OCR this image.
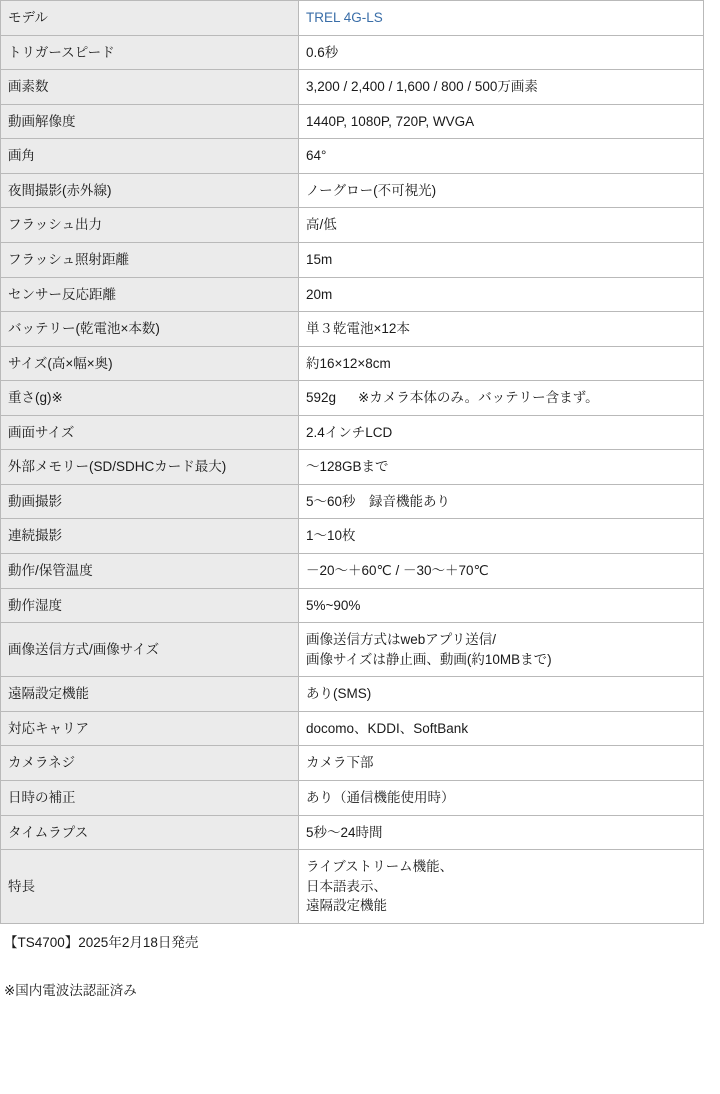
モデル	TREL 4G-LS
トリガースピード	0.6秒
画素数	3,200 / 2,400 / 1,600 / 800 / 500万画素
動画解像度	1440P, 1080P, 720P, WVGA
画角	64°
夜間撮影(赤外線)	ノーグロー(不可視光)
フラッシュ出力	高/低
フラッシュ照射距離	15m
センサー反応距離	20m
バッテリー(乾電池×本数)	単３乾電池×12本
サイズ(高×幅×奥)	約16×12×8cm
重さ(g)※	592g ※カメラ本体のみ。バッテリー含まず。
画面サイズ	2.4インチLCD
外部メモリー(SD/SDHCカード最大)	〜128GBまで
動画撮影	5〜60秒　録音機能あり
連続撮影	1〜10枚
動作/保管温度	－20〜＋60℃ / －30〜＋70℃
動作湿度	5%~90%
画像送信方式/画像サイズ	画像送信方式はwebアプリ送信/
画像サイズは静止画、動画(約10MBまで)

遠隔設定機能	あり(SMS)
対応キャリア	docomo、KDDI、SoftBank
カメラネジ	カメラ下部
日時の補正	あり（通信機能使用時）
タイムラプス	5秒〜24時間
特長	ライブストリーム機能、
日本語表示、
遠隔設定機能
【TS4700】2025年2月18日発売
※国内電波法認証済み
